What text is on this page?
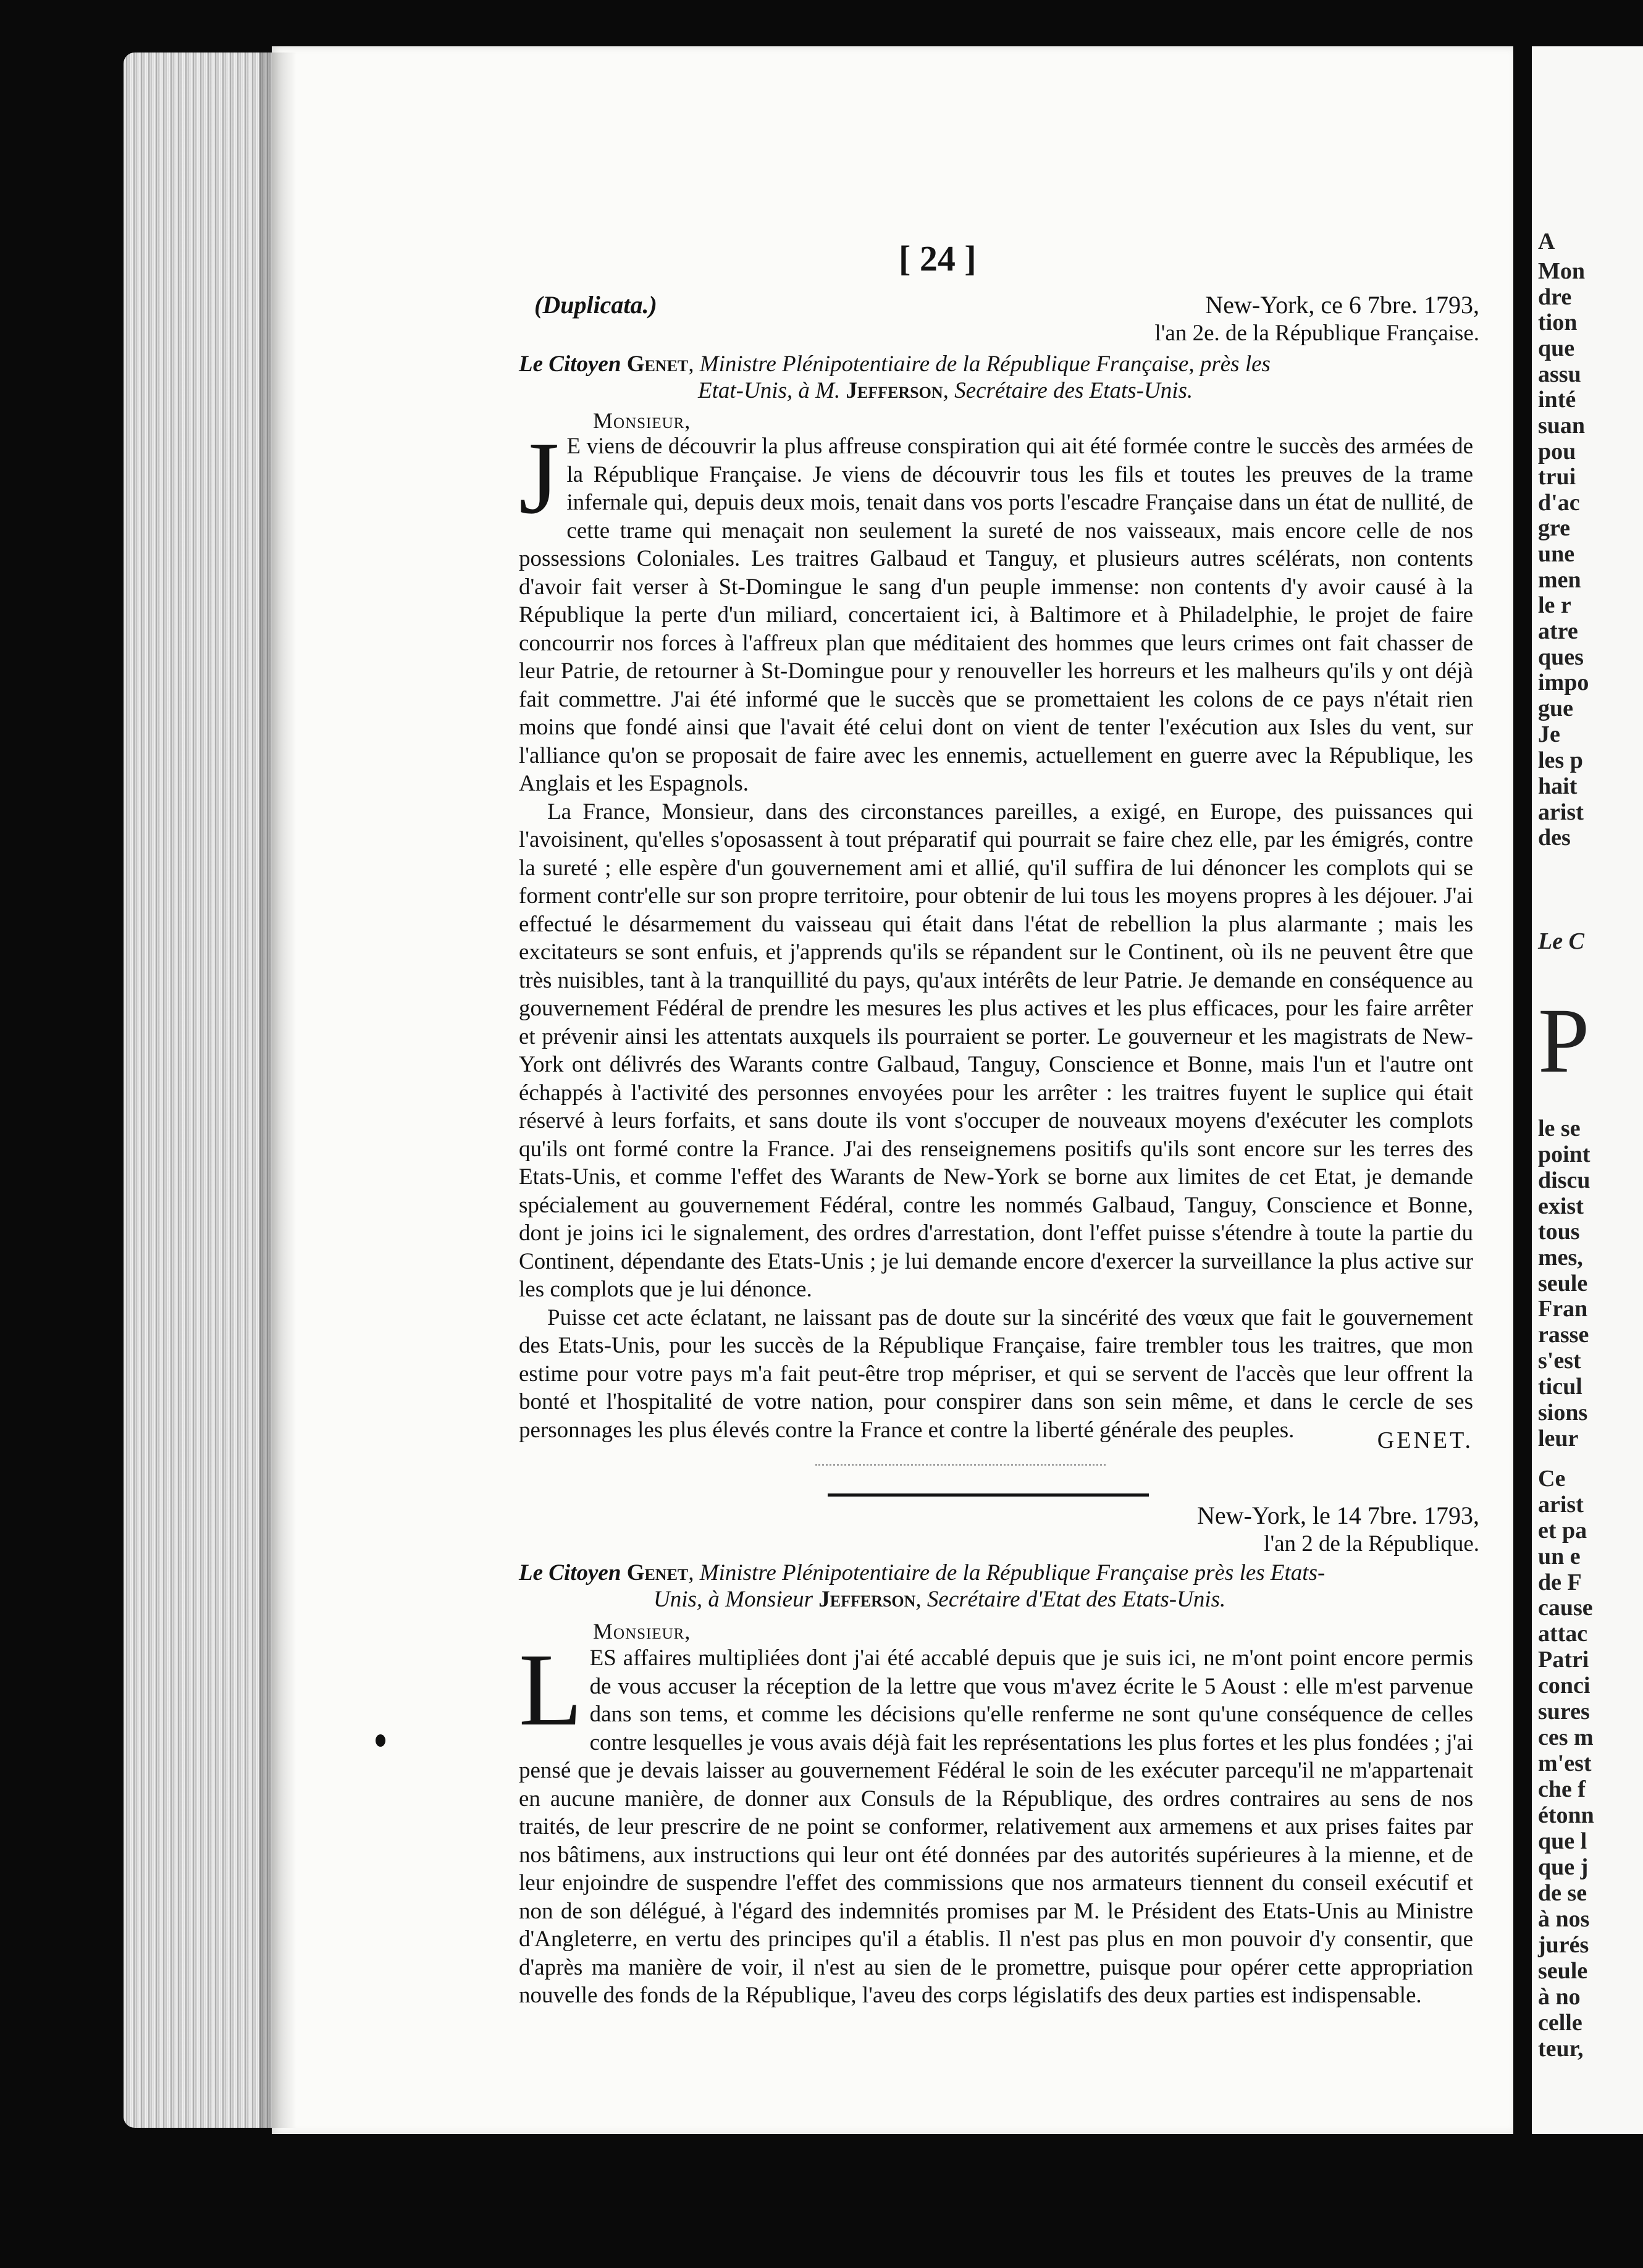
[ 24 ]
(Duplicata.)	New-York, ce 6 7bre. 1793,
l'an 2e. de la République Française.
Le Citoyen Genet, Ministre Plénipotentiaire de la République Française, près les
Etat-Unis, à M. Jefferson, Secrétaire des Etats-Unis.
Monsieur,

J E viens de découvrir la plus affreuse conspiration qui ait été formée contre le succès des armées de la République Française. Je viens de découvrir tous les fils et toutes les preuves de la trame infernale qui, depuis deux mois, tenait dans vos ports l'escadre Française dans un état de nullité, de cette trame qui menaçait non seulement la sureté de nos vaisseaux, mais encore celle de nos possessions Coloniales. Les traitres Galbaud et Tanguy, et plusieurs autres scélérats, non contents d'avoir fait verser à St-Domingue le sang d'un peuple immense: non contents d'y avoir causé à la République la perte d'un miliard, concertaient ici, à Baltimore et à Philadelphie, le projet de faire concourrir nos forces à l'affreux plan que méditaient des hommes que leurs crimes ont fait chasser de leur Patrie, de retourner à St-Domingue pour y renouveller les horreurs et les malheurs qu'ils y ont déjà fait commettre. J'ai été informé que le succès que se promettaient les colons de ce pays n'était rien moins que fondé ainsi que l'avait été celui dont on vient de tenter l'exécution aux Isles du vent, sur l'alliance qu'on se proposait de faire avec les ennemis, actuellement en guerre avec la République, les Anglais et les Espagnols.

La France, Monsieur, dans des circonstances pareilles, a exigé, en Europe, des puissances qui l'avoisinent, qu'elles s'oposassent à tout préparatif qui pourrait se faire chez elle, par les émigrés, contre la sureté ; elle espère d'un gouvernement ami et allié, qu'il suffira de lui dénoncer les complots qui se forment contr'elle sur son propre territoire, pour obtenir de lui tous les moyens propres à les déjouer. J'ai effectué le désarmement du vaisseau qui était dans l'état de rebellion la plus alarmante ; mais les excitateurs se sont enfuis, et j'apprends qu'ils se répandent sur le Continent, où ils ne peuvent être que très nuisibles, tant à la tranquillité du pays, qu'aux intérêts de leur Patrie. Je demande en conséquence au gouvernement Fédéral de prendre les mesures les plus actives et les plus efficaces, pour les faire arrêter et prévenir ainsi les attentats auxquels ils pourraient se porter. Le gouverneur et les magistrats de New-York ont délivrés des Warants contre Galbaud, Tanguy, Conscience et Bonne, mais l'un et l'autre ont échappés à l'activité des personnes envoyées pour les arrêter : les traitres fuyent le suplice qui était réservé à leurs forfaits, et sans doute ils vont s'occuper de nouveaux moyens d'exécuter les complots qu'ils ont formé contre la France. J'ai des renseignemens positifs qu'ils sont encore sur les terres des Etats-Unis, et comme l'effet des Warants de New-York se borne aux limites de cet Etat, je demande spécialement au gouvernement Fédéral, contre les nommés Galbaud, Tanguy, Conscience et Bonne, dont je joins ici le signalement, des ordres d'arrestation, dont l'effet puisse s'étendre à toute la partie du Continent, dépendante des Etats-Unis ; je lui demande encore d'exercer la surveillance la plus active sur les complots que je lui dénonce.

Puisse cet acte éclatant, ne laissant pas de doute sur la sincérité des vœux que fait le gouvernement des Etats-Unis, pour les succès de la République Française, faire trembler tous les traitres, que mon estime pour votre pays m'a fait peut-être trop mépriser, et qui se servent de l'accès que leur offrent la bonté et l'hospitalité de votre nation, pour conspirer dans son sein même, et dans le cercle de ses personnages les plus élevés contre la France et contre la liberté générale des peuples.	GENET.
New-York, le 14 7bre. 1793,
l'an 2 de la République.
Le Citoyen Genet, Ministre Plénipotentiaire de la République Française près les Etats-
Unis, à Monsieur Jefferson, Secrétaire d'Etat des Etats-Unis.
Monsieur,

LES affaires multipliées dont j'ai été accablé depuis que je suis ici, ne m'ont point encore permis de vous accuser la réception de la lettre que vous m'avez écrite le 5 Aoust : elle m'est parvenue dans son tems, et comme les décisions qu'elle renferme ne sont qu'une conséquence de celles contre lesquelles je vous avais déjà fait les représentations les plus fortes et les plus fondées ; j'ai pensé que je devais laisser au gouvernement Fédéral le soin de les exécuter parcequ'il ne m'appartenait en aucune manière, de donner aux Consuls de la République, des ordres contraires au sens de nos traités, de leur prescrire de ne point se conformer, relativement aux armemens et aux prises faites par nos bâtimens, aux instructions qui leur ont été données par des autorités supérieures à la mienne, et de leur enjoindre de suspendre l'effet des commissions que nos armateurs tiennent du conseil exécutif et non de son délégué, à l'égard des indemnités promises par M. le Président des Etats-Unis au Ministre d'Angleterre, en vertu des principes qu'il a établis. Il n'est pas plus en mon pouvoir d'y consentir, que d'après ma manière de voir, il n'est au sien de le promettre, puisque pour opérer cette appropriation nouvelle des fonds de la République, l'aveu des corps législatifs des deux parties est indispensable.

A
Mon
dre
tion
que
assu
inté
suan
pou
trui
d'ac
gre
une
men
le r
atre
ques
impo
gue
Je
les p
hait
arist
des
Le C
P
le se
point
discu
exist
tous
mes,
seule
Fran
rasse
s'est
ticul
sions
leur
Ce
arist
et pa
un e
de F
cause
attac
Patri
conci
sures
ces m
m'est
che f
étonn
que l
que j
de se
à nos
jurés
seule
à no
celle
teur,
